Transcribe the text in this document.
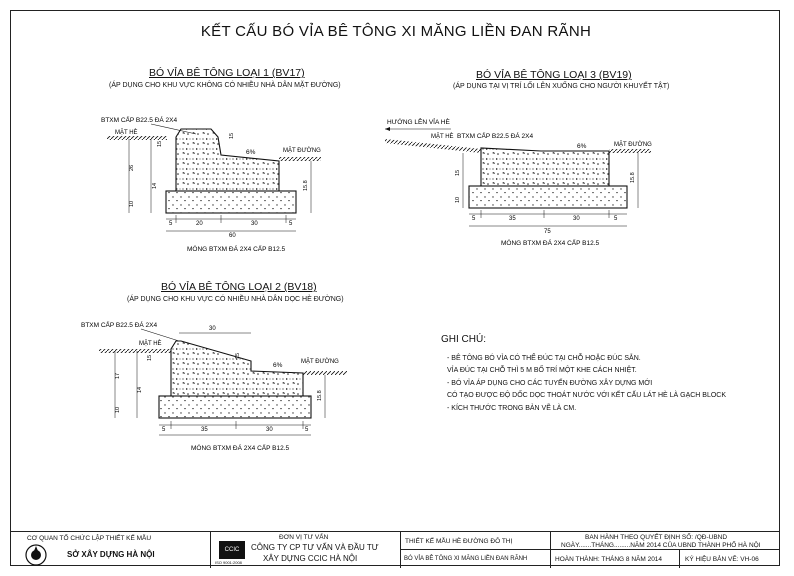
KẾT CẤU BÓ VỈA BÊ TÔNG XI MĂNG LIỀN ĐAN RÃNH
BÓ VỈA BÊ TÔNG LOẠI 1 (BV17)
(ÁP DỤNG CHO KHU VỰC KHÔNG CÓ NHIỀU NHÀ DÂN MẶT ĐƯỜNG)
BÓ VỈA BÊ TÔNG LOẠI 3 (BV19)
(ÁP DỤNG TẠI VỊ TRÍ LỐI LÊN XUỐNG CHO NGƯỜI KHUYẾT TẬT)
BÓ VỈA BÊ TÔNG LOẠI 2 (BV18)
(ÁP DỤNG CHO KHU VỰC CÓ NHIỀU NHÀ DÂN DỌC HÈ ĐƯỜNG)
BTXM CẤP B22.5 ĐÁ 2X4
MẶT HÈ
MẶT ĐƯỜNG
6%
15
26
14
10
15
15.8
5	20	30	5
60
MÓNG BTXM ĐÁ 2X4 CẤP B12.5
HƯỚNG LÊN VỈA HÈ
MẶT HÈ BTXM CẤP B22.5 ĐÁ 2X4
MẶT ĐƯỜNG
6%
15
10
15.8
5	35	30	5
75
MÓNG BTXM ĐÁ 2X4 CẤP B12.5
BTXM CẤP B22.5 ĐÁ 2X4
MẶT HÈ
MẶT ĐƯỜNG
6%
30
15
17
14
10
15
15.8
5	35	30	5
MÓNG BTXM ĐÁ 2X4 CẤP B12.5
GHI CHÚ:
- BÊ TÔNG BÓ VỈA CÓ THỂ ĐÚC TẠI CHỖ HOẶC ĐÚC SẴN.
VỈA ĐÚC TẠI CHỖ THÌ 5 M BỐ TRÍ MỘT KHE CÁCH NHIỆT.
- BÓ VỈA ÁP DỤNG CHO CÁC TUYẾN ĐƯỜNG XÂY DỰNG MỚI
CÓ TẠO ĐƯỢC ĐỘ DỐC DỌC THOÁT NƯỚC VỚI KẾT CẤU LÁT HÈ LÀ GẠCH BLOCK
- KÍCH THƯỚC TRONG BẢN VẼ LÀ CM.
CƠ QUAN TỔ CHỨC LẬP THIẾT KẾ MẪU
SỞ XÂY DỰNG HÀ NỘI
ĐƠN VỊ TƯ VẤN
CCIC
ISO 9001:2008
CÔNG TY CP TƯ VẤN VÀ ĐẦU TƯ
XÂY DỰNG CCIC HÀ NỘI
THIẾT KẾ MẪU HÈ ĐƯỜNG ĐÔ THỊ
BÓ VỈA BÊ TÔNG XI MĂNG LIỀN ĐAN RÃNH
BAN HÀNH THEO QUYẾT ĐỊNH SỐ: /QĐ-UBND
NGÀY.......THÁNG.........NĂM 2014 CỦA UBND THÀNH PHỐ HÀ NỘI
HOÀN THÀNH: THÁNG 8 NĂM 2014	KÝ HIỆU BẢN VẼ: VH-06
